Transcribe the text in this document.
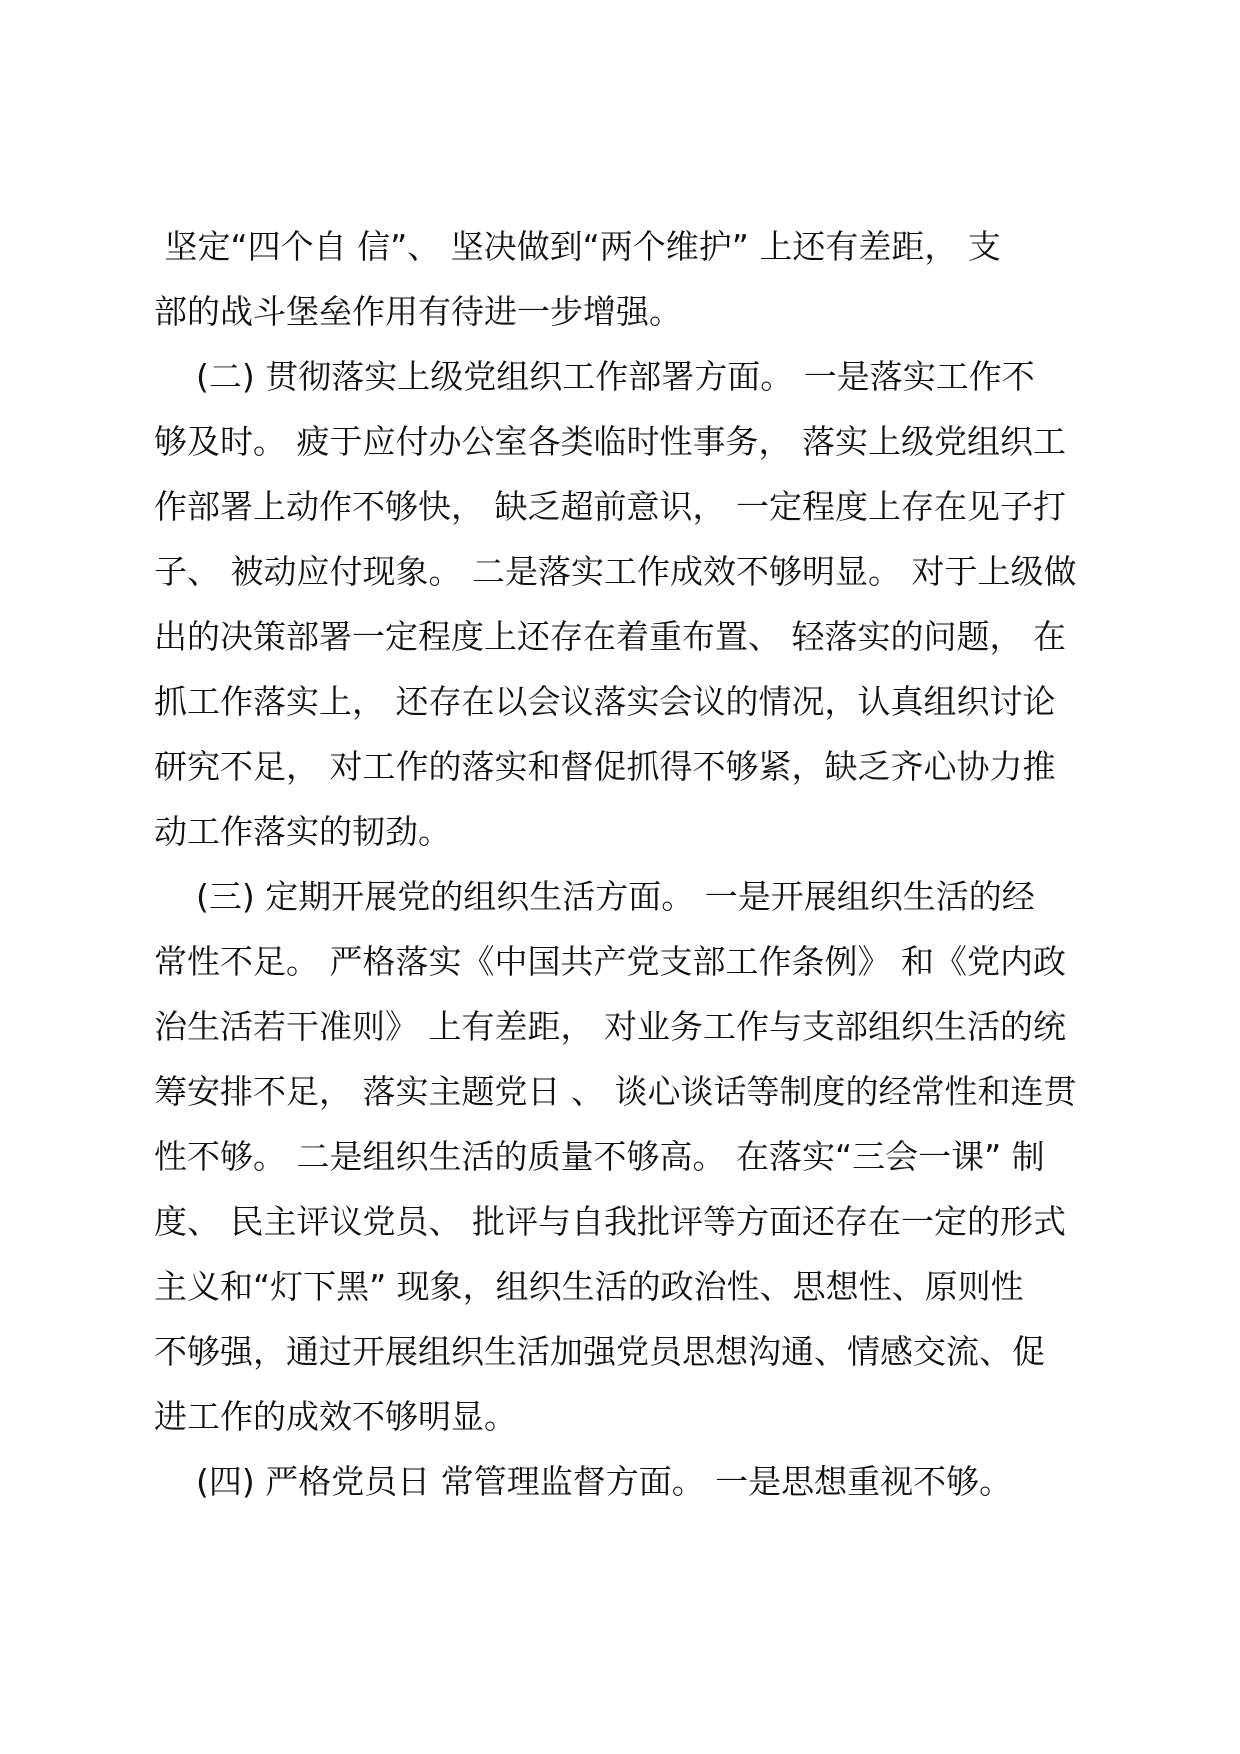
坚定“四个自 信”、 坚决做到“两个维护” 上还有差距， 支
部的战斗堡垒作用有待进一步增强。
(二) 贯彻落实上级党组织工作部署方面。 一是落实工作不
够及时。 疲于应付办公室各类临时性事务， 落实上级党组织工
作部署上动作不够快， 缺乏超前意识， 一定程度上存在见子打
子、 被动应付现象。 二是落实工作成效不够明显。 对于上级做
出的决策部署一定程度上还存在着重布置、 轻落实的问题， 在
抓工作落实上， 还存在以会议落实会议的情况，认真组织讨论
研究不足， 对工作的落实和督促抓得不够紧，缺乏齐心协力推
动工作落实的韧劲。
(三) 定期开展党的组织生活方面。 一是开展组织生活的经
常性不足。 严格落实《中国共产党支部工作条例》 和《党内政
治生活若干准则》 上有差距， 对业务工作与支部组织生活的统
筹安排不足， 落实主题党日 、 谈心谈话等制度的经常性和连贯
性不够。 二是组织生活的质量不够高。 在落实“三会一课” 制
度、 民主评议党员、 批评与自我批评等方面还存在一定的形式
主义和“灯下黑” 现象，组织生活的政治性、思想性、原则性
不够强，通过开展组织生活加强党员思想沟通、情感交流、促
进工作的成效不够明显。
(四) 严格党员日 常管理监督方面。 一是思想重视不够。
